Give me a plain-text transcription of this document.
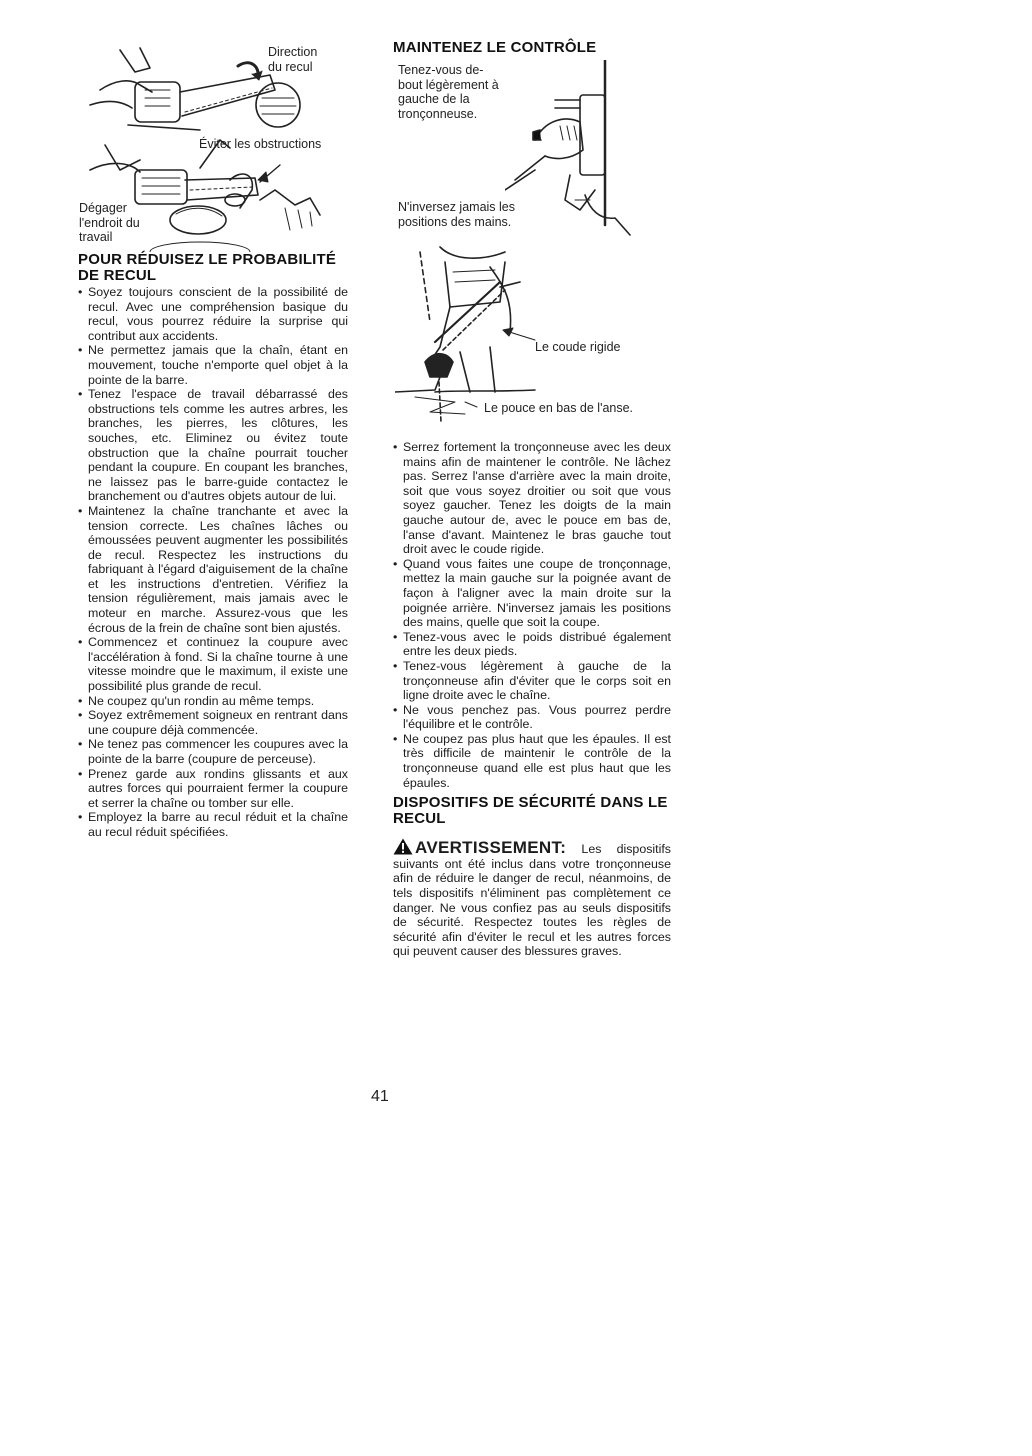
Direction
du recul
Éviter les obstructions
Dégager
l'endroit du
travail
POUR RÉDUISEZ LE PROBABILITÉ DE RECUL
• Soyez toujours conscient de la possibilité de recul. Avec une compréhension basique du recul, vous pourrez réduire la surprise qui contribut aux accidents.
• Ne permettez jamais que la chaîn, étant en mouvement, touche n'emporte quel objet à la pointe de la barre.
• Tenez l'espace de travail débarrassé des obstructions tels comme les autres arbres, les branches, les pierres, les clôtures, les souches, etc. Eliminez ou évitez toute obstruction que la chaîne pourrait toucher pendant la coupure. En coupant les branches, ne laissez pas le barre-guide contactez le branchement ou d'autres objets autour de lui.
• Maintenez la chaîne tranchante et avec la tension correcte. Les chaînes lâches ou émoussées peuvent augmenter les possibilités de recul. Respectez les instructions du fabriquant à l'égard d'aiguisement de la chaîne et les instructions d'entretien. Vérifiez la tension régulièrement, mais jamais avec le moteur en marche. Assurez-vous que les écrous de la frein de chaîne sont bien ajustés.
• Commencez et continuez la coupure avec l'accélération à fond. Si la chaîne tourne à une vitesse moindre que le maximum, il existe une possibilité plus grande de recul.
• Ne coupez qu'un rondin au même temps.
• Soyez extrêmement soigneux en rentrant dans une coupure déjà commencée.
• Ne tenez pas commencer les coupures avec la pointe de la barre (coupure de perceuse).
• Prenez garde aux rondins glissants et aux autres forces qui pourraient fermer la coupure et serrer la chaîne ou tomber sur elle.
• Employez la barre au recul réduit et la chaîne au recul réduit spécifiées.
MAINTENEZ LE CONTRÔLE
Tenez-vous de-
bout légèrement à
gauche de la
tronçonneuse.
N'inversez jamais les
positions des mains.
Le coude rigide
Le pouce en bas de l'anse.
• Serrez fortement la tronçonneuse avec les deux mains afin de maintener le contrôle. Ne lâchez pas. Serrez l'anse d'arrière avec la main droite, soit que vous soyez droitier ou soit que vous soyez gaucher. Tenez les doigts de la main gauche autour de, avec le pouce em bas de, l'anse d'avant. Maintenez le bras gauche tout droit avec le coude rigide.
• Quand vous faites une coupe de tronçonnage, mettez la main gauche sur la poignée avant de façon à l'aligner avec la main droite sur la poignée arrière. N'inversez jamais les positions des mains, quelle que soit la coupe.
• Tenez-vous avec le poids distribué également entre les deux pieds.
• Tenez-vous légèrement à gauche de la tronçonneuse afin d'éviter que le corps soit en ligne droite avec le chaîne.
• Ne vous penchez pas. Vous pourrez perdre l'équilibre et le contrôle.
• Ne coupez pas plus haut que les épaules. Il est très difficile de maintenir le contrôle de la tronçonneuse quand elle est plus haut que les épaules.
DISPOSITIFS DE SÉCURITÉ DANS LE RECUL

AVERTISSEMENT: Les dispositifs suivants ont été inclus dans votre tronçonneuse afin de réduire le danger de recul, néanmoins, de tels dispositifs n'éliminent pas complètement ce danger. Ne vous confiez pas au seuls dispositifs de sécurité. Respectez toutes les règles de sécurité afin d'éviter le recul et les autres forces qui peuvent causer des blessures graves.

41
